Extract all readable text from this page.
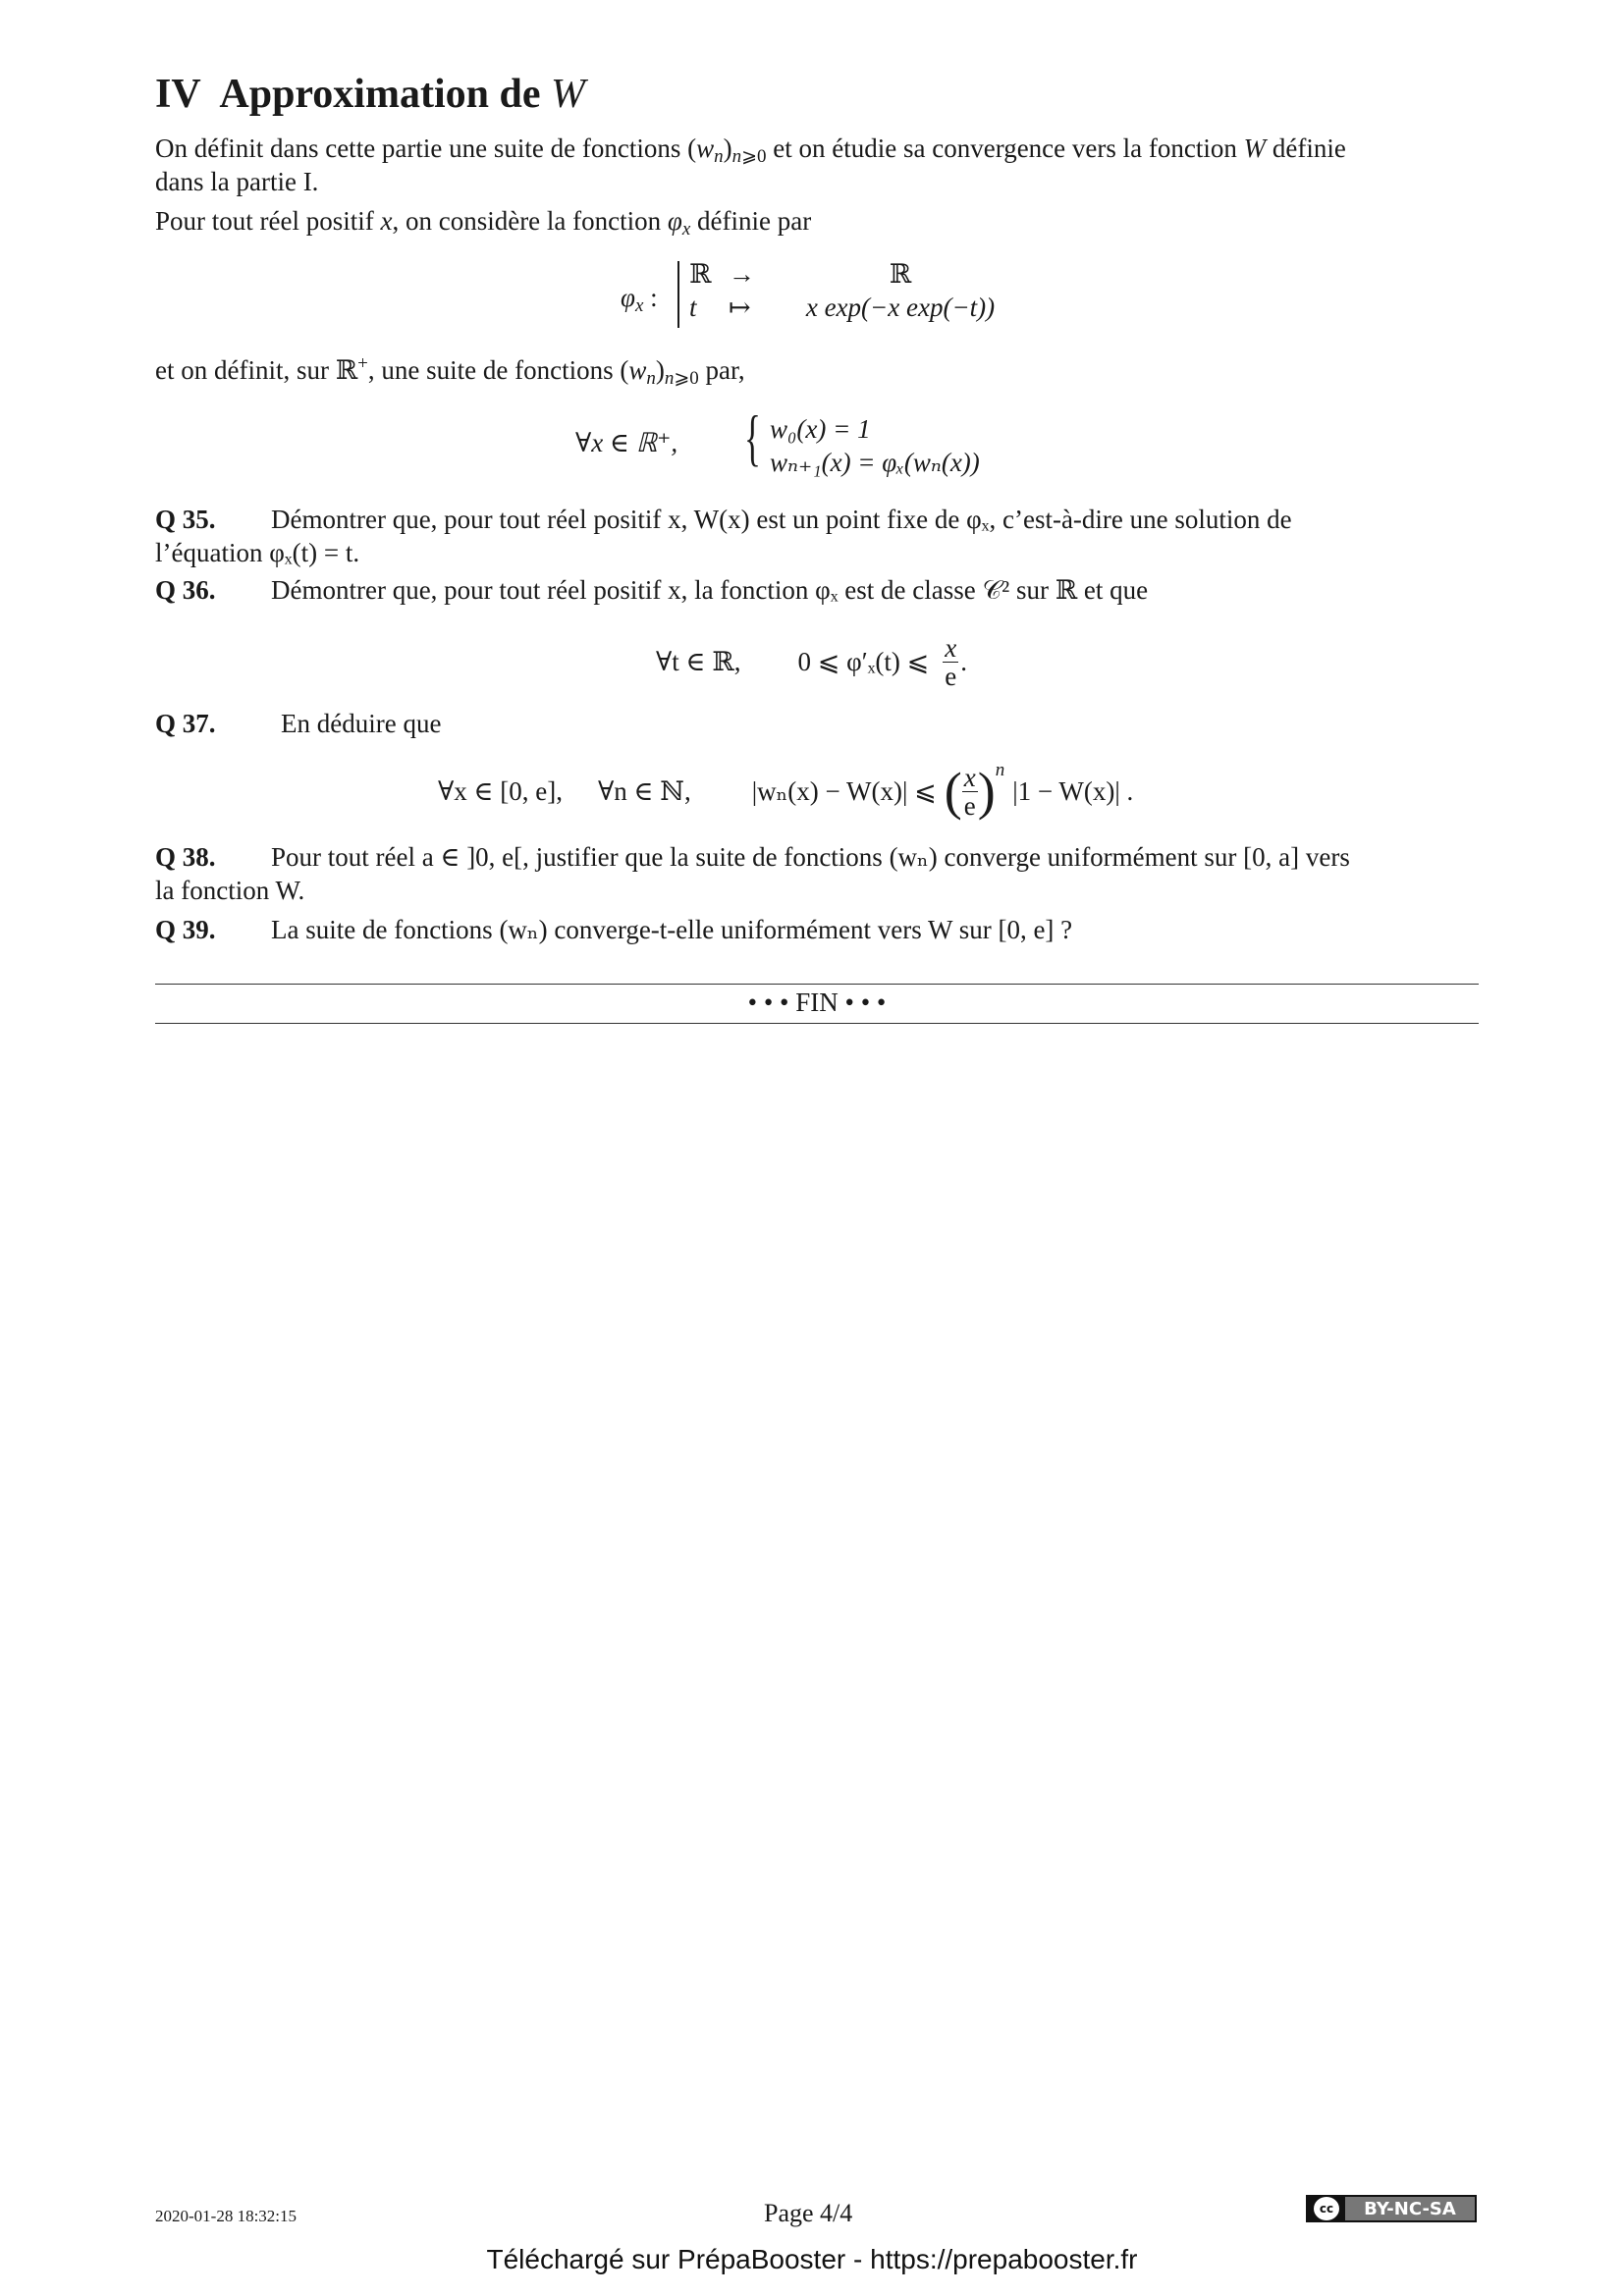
IV Approximation de W
On définit dans cette partie une suite de fonctions $(w_n)_{n⩾0}$ et on étudie sa convergence vers la fonction W définie
dans la partie I.
Pour tout réel positif x, on considère la fonction $\varphi_x$ définie par
$\varphi_x$ :
ℝ →	ℝ
t	↦	x exp(−x exp(−t))
et on définit, sur ℝ+, une suite de fonctions $(w_n)_{n⩾0}$ par,
∀x ∈ ℝ⁺, { w₀(x) = 1
wₙ₊₁(x) = φₓ(wₙ(x))
Q 35. Démontrer que, pour tout réel positif x, W(x) est un point fixe de φₓ, c’est-à-dire une solution de
l’équation φₓ(t) = t.
Q 36. Démontrer que, pour tout réel positif x, la fonction φₓ est de classe 𝒞² sur ℝ et que
∀t ∈ ℝ, 0 ⩽ φ′ₓ(t) ⩽ $\frac{x}{e}$ .
Q 37. En déduire que
∀x ∈ [0, e], ∀n ∈ ℕ, |wₙ(x) − W(x)| ⩽ ( $\frac{x}{e}$ ) n
|1 − W(x)| .
Q 38. Pour tout réel a ∈ ]0, e[, justifier que la suite de fonctions (wₙ) converge uniformément sur [0, a] vers
la fonction W.
Q 39. La suite de fonctions (wₙ) converge-t-elle uniformément vers W sur [0, e] ?
• • • FIN • • •
2020-01-28 18:32:15	Page 4/4	cc	BY-NC-SA
Téléchargé sur PrépaBooster - https://prepabooster.fr
